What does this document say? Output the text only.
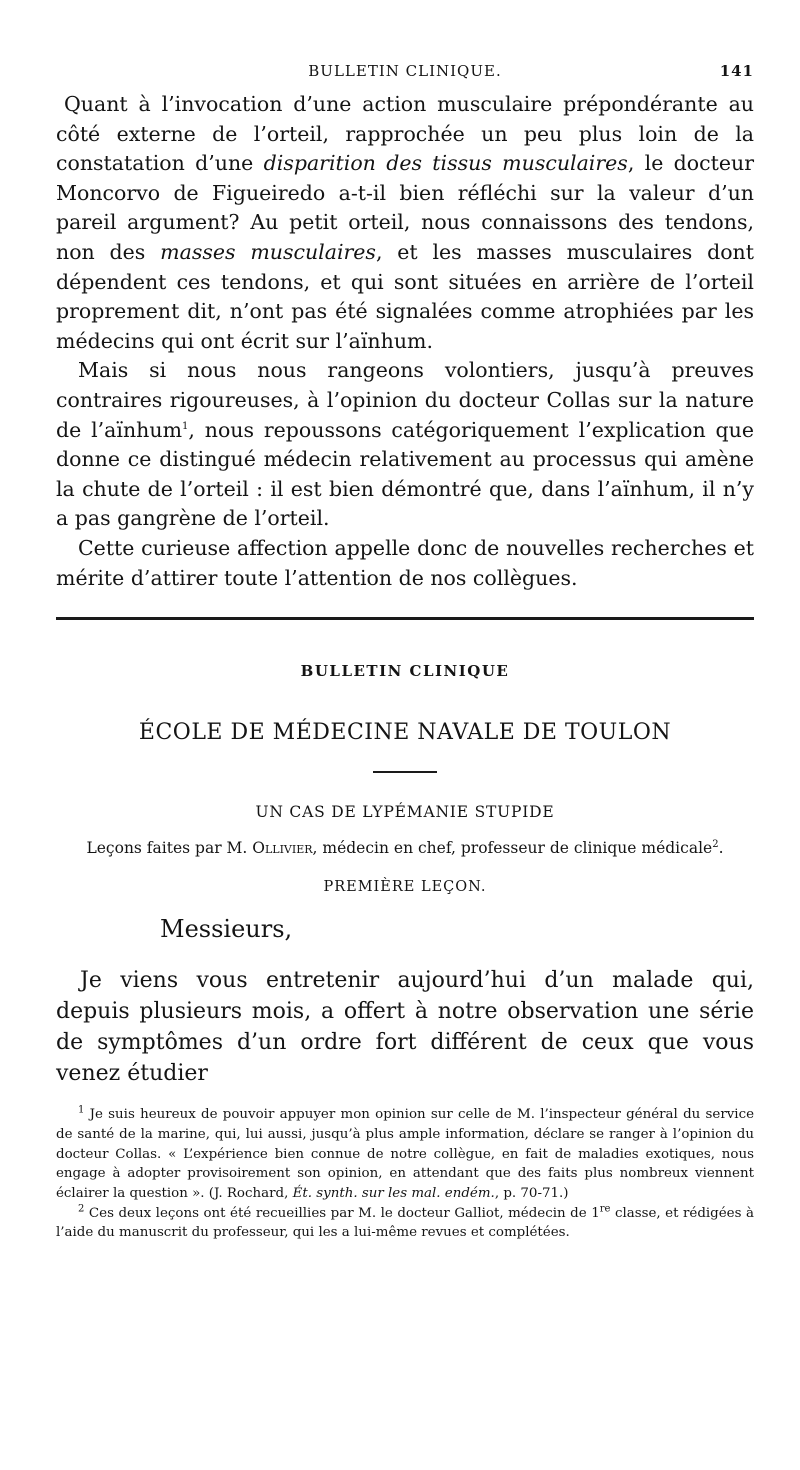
BULLETIN CLINIQUE.	141

Quant à l’invocation d’une action musculaire prépondérante au côté externe de l’orteil, rapprochée un peu plus loin de la constatation d’une disparition des tissus musculaires, le docteur Moncorvo de Figueiredo a-t-il bien réfléchi sur la valeur d’un pareil argument? Au petit orteil, nous connaissons des tendons, non des masses musculaires, et les masses musculaires dont dépendent ces tendons, et qui sont situées en arrière de l’orteil proprement dit, n’ont pas été signalées comme atrophiées par les médecins qui ont écrit sur l’aïnhum.

Mais si nous nous rangeons volontiers, jusqu’à preuves contraires rigoureuses, à l’opinion du docteur Collas sur la nature de l’aïnhum$^1$, nous repoussons catégoriquement l’explication que donne ce distingué médecin relativement au processus qui amène la chute de l’orteil : il est bien démontré que, dans l’aïnhum, il n’y a pas gangrène de l’orteil.

Cette curieuse affection appelle donc de nouvelles recherches et mérite d’attirer toute l’attention de nos collègues.

BULLETIN CLINIQUE
ÉCOLE DE MÉDECINE NAVALE DE TOULON
UN CAS DE LYPÉMANIE STUPIDE
Leçons faites par M. Ollivier, médecin en chef, professeur de clinique médicale$^2$.
PREMIÈRE LEÇON.
Messieurs,

Je viens vous entretenir aujourd’hui d’un malade qui, depuis plusieurs mois, a offert à notre observation une série de symptômes d’un ordre fort différent de ceux que vous venez étudier

$^1$ Je suis heureux de pouvoir appuyer mon opinion sur celle de M. l’inspecteur général du service de santé de la marine, qui, lui aussi, jusqu’à plus ample information, déclare se ranger à l’opinion du docteur Collas. « L’expérience bien connue de notre collègue, en fait de maladies exotiques, nous engage à adopter provisoirement son opinion, en attendant que des faits plus nombreux viennent éclairer la question ». (J. Rochard, Ét. synth. sur les mal. endém., p. 70-71.)

$^2$ Ces deux leçons ont été recueillies par M. le docteur Galliot, médecin de 1re classe, et rédigées à l’aide du manuscrit du professeur, qui les a lui-même revues et complétées.
